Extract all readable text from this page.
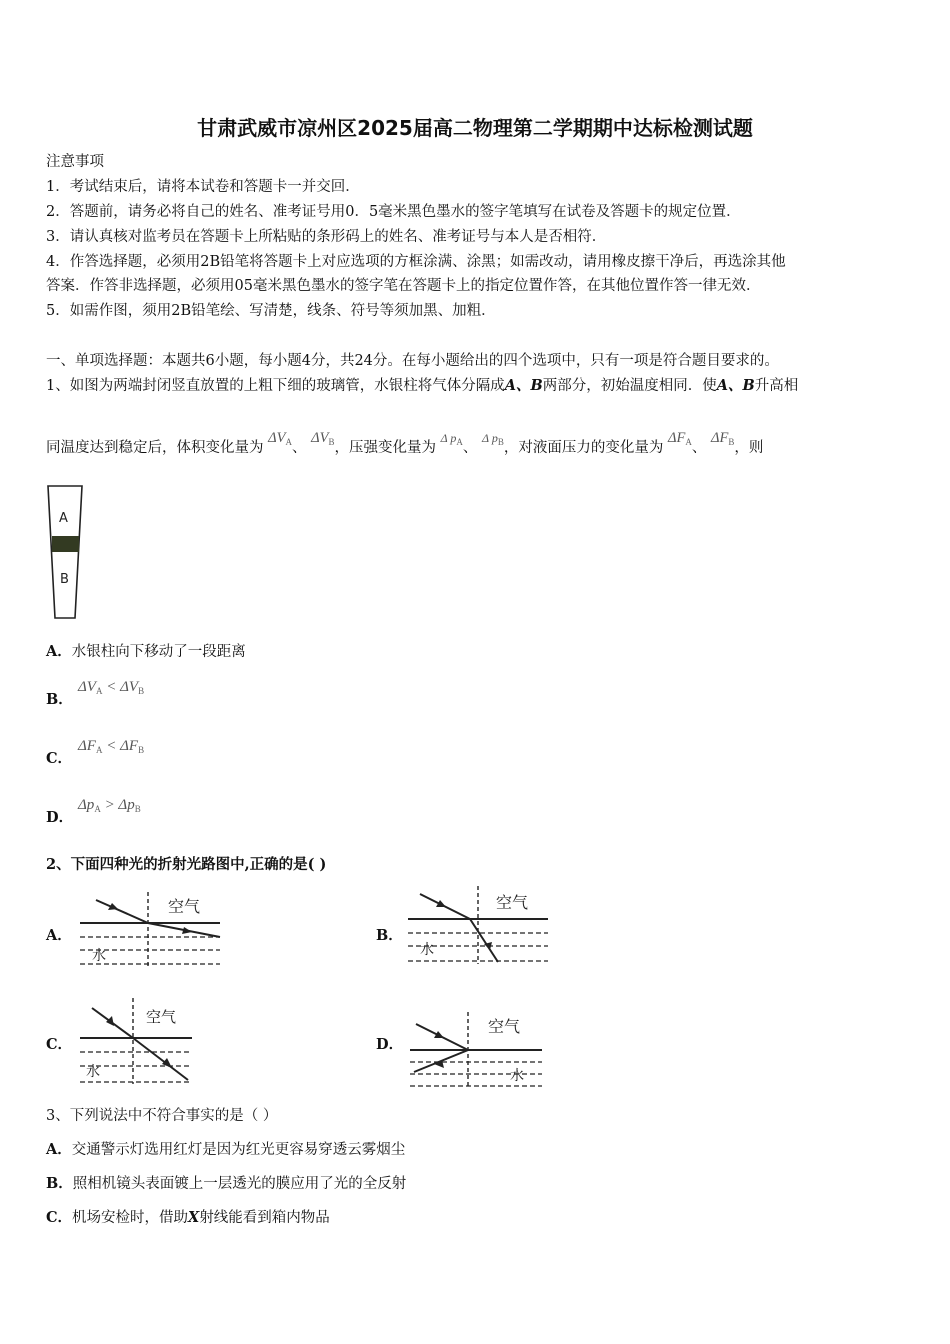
甘肃武威市凉州区2025届高二物理第二学期期中达标检测试题
注意事项
1．考试结束后，请将本试卷和答题卡一并交回．
2．答题前，请务必将自己的姓名、准考证号用0．5毫米黑色墨水的签字笔填写在试卷及答题卡的规定位置．
3．请认真核对监考员在答题卡上所粘贴的条形码上的姓名、准考证号与本人是否相符．
4．作答选择题，必须用2B铅笔将答题卡上对应选项的方框涂满、涂黑；如需改动，请用橡皮擦干净后，再选涂其他
答案．作答非选择题，必须用05毫米黑色墨水的签字笔在答题卡上的指定位置作答，在其他位置作答一律无效．
5．如需作图，须用2B铅笔绘、写清楚，线条、符号等须加黑、加粗．
一、单项选择题：本题共6小题，每小题4分，共24分。在每小题给出的四个选项中，只有一项是符合题目要求的。
1、如图为两端封闭竖直放置的上粗下细的玻璃管，水银柱将气体分隔成A、B两部分，初始温度相同．使A、B升高相
同温度达到稳定后，体积变化量为 $\Delta V_A$、 $\Delta V_B$，压强变化量为 $^{\Delta p_A}$、 $^{\Delta p_B}$，对液面压力的变化量为 $\Delta F_A$、 $\Delta F_B$，则
A
B
A．水银柱向下移动了一段距离
B．
$\Delta V_A < \Delta V_B$
C．
$\Delta F_A < \Delta F_B$
D．
$\Delta p_A > \Delta p_B$
2、下面四种光的折射光路图中,正确的是( )
A．
空气
水
B．
空气
水
C．
空气
水
D．
空气
水
3、下列说法中不符合事实的是（ ）
A．交通警示灯选用红灯是因为红光更容易穿透云雾烟尘
B．照相机镜头表面镀上一层透光的膜应用了光的全反射
C．机场安检时，借助X射线能看到箱内物品
